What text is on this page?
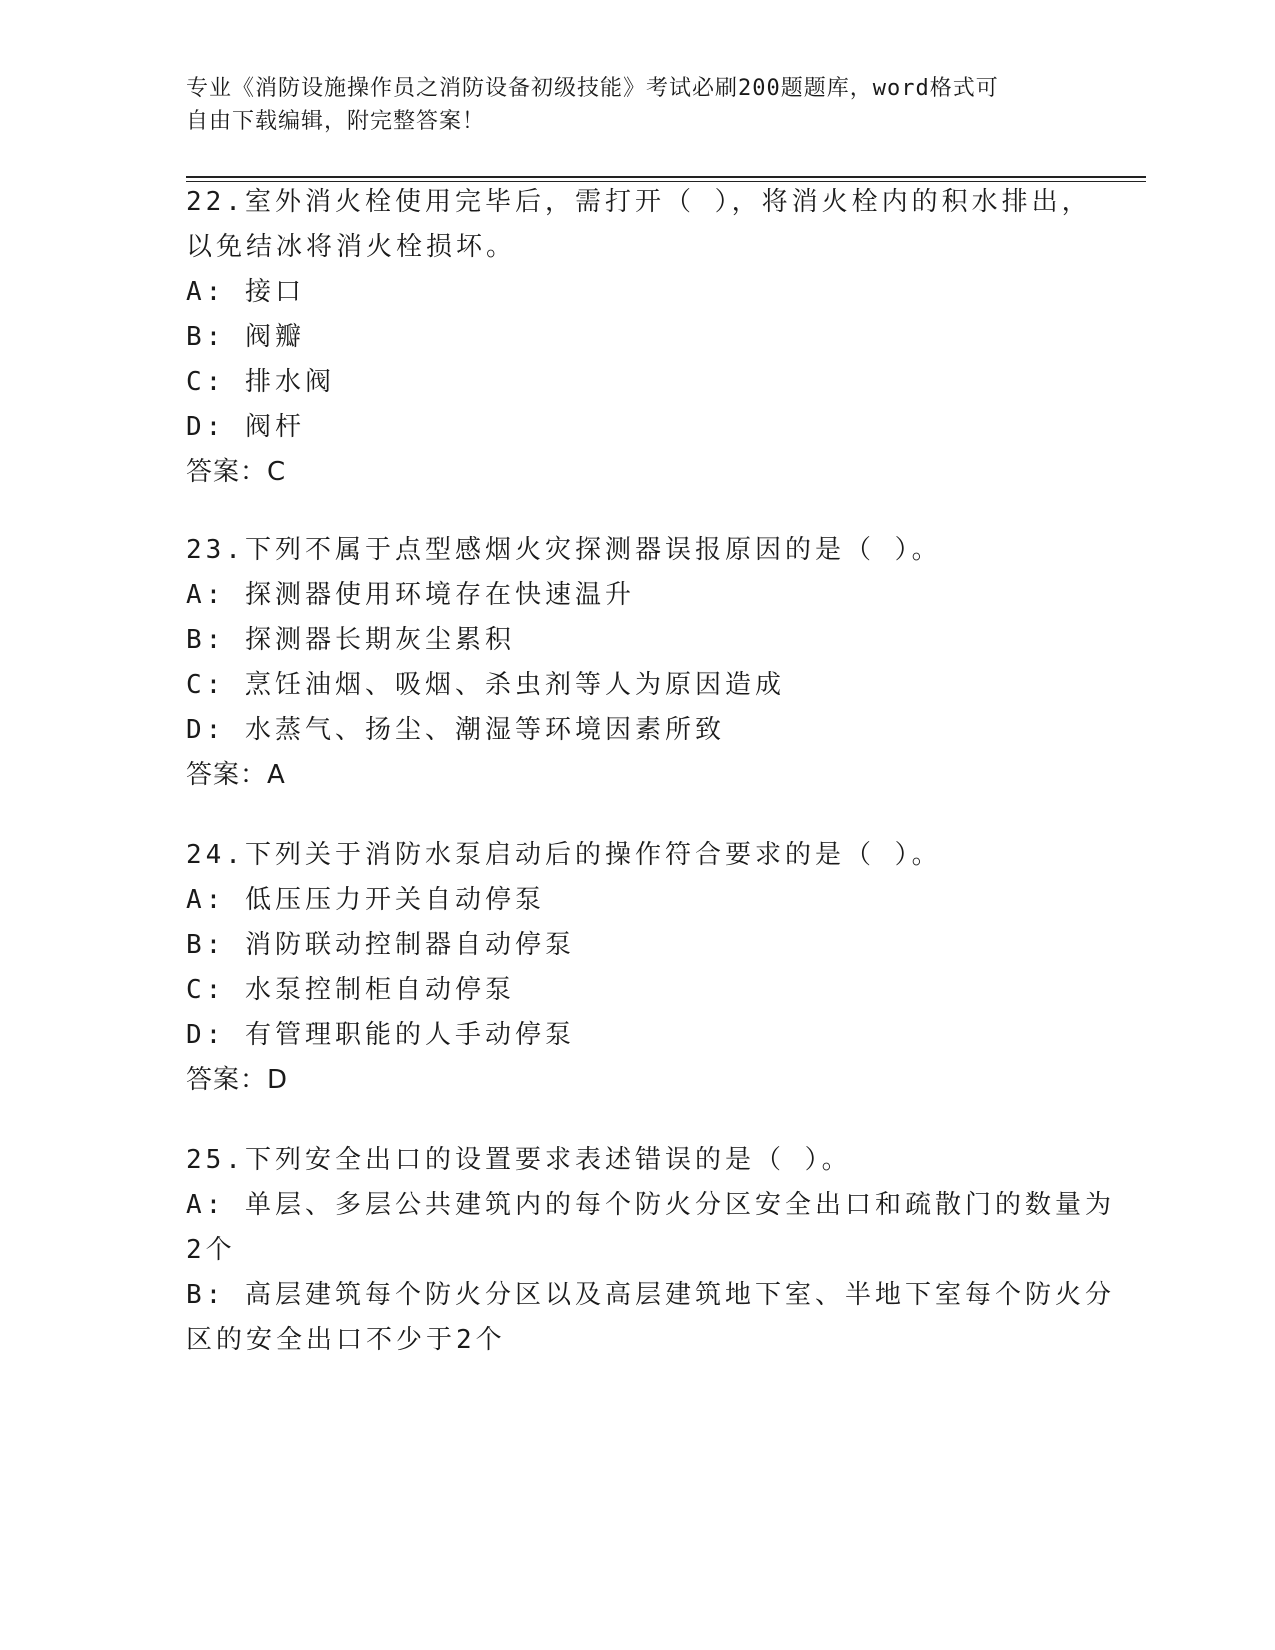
专业《消防设施操作员之消防设备初级技能》考试必刷200题题库，word格式可
自由下载编辑，附完整答案！
22.室外消火栓使用完毕后，需打开（ ），将消火栓内的积水排出，
以免结冰将消火栓损坏。
A: 接口
B: 阀瓣
C: 排水阀
D: 阀杆
答案：C
23.下列不属于点型感烟火灾探测器误报原因的是（ ）。
A: 探测器使用环境存在快速温升
B: 探测器长期灰尘累积
C: 烹饪油烟、吸烟、杀虫剂等人为原因造成
D: 水蒸气、扬尘、潮湿等环境因素所致
答案：A
24.下列关于消防水泵启动后的操作符合要求的是（ ）。
A: 低压压力开关自动停泵
B: 消防联动控制器自动停泵
C: 水泵控制柜自动停泵
D: 有管理职能的人手动停泵
答案：D
25.下列安全出口的设置要求表述错误的是（ ）。
A: 单层、多层公共建筑内的每个防火分区安全出口和疏散门的数量为
2个
B: 高层建筑每个防火分区以及高层建筑地下室、半地下室每个防火分
区的安全出口不少于2个
